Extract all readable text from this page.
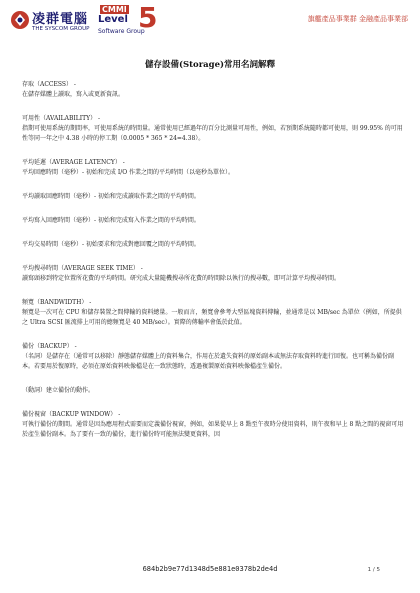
凌群電腦
THE SYSCOM GROUP
CMMI
Level 5
Software Group
旗艦產品事業群 金融產品事業部
儲存設備(Storage)常用名詞解釋

存取（ACCESS） -

在儲存媒體上讀取，寫入或更新資訊。

可用性（AVAILABILITY） -

指期可使用系統的期間率，可使用系統的時間量。通常使用已經過年的百分比測量可用性，例如，若預期系統隨時都可使用，則 99.95% 的可用性等同一年之中 4.38 小時的停工期（0.0005 * 365 * 24=4.38）。

平均延遲（AVERAGE LATENCY） -

平均回應時間（毫秒）- 初始和完成 I/O 作業之間的平均時間（以毫秒為單位）。

平均讀取回應時間（毫秒）- 初始和完成讀取作業之間的平均時間。

平均寫入回應時間（毫秒）- 初始和完成寫入作業之間的平均時間。

平均交易時間（毫秒）- 初始要求和完成對應回覆之間的平均時間。

平均搜尋時間（AVERAGE SEEK TIME） -

讀寫頭移到特定位置所花費的平均時間。研究成大量隨機搜尋所花費的時間除以執行的搜尋數，即可計算平均搜尋時間。

頻寬（BANDWIDTH） -

頻寬是一次可在 CPU 和儲存裝置之間傳輸的資料總量。一般而言，頻寬會參考大型區塊資料傳輸，並通常是以 MB/sec 為單位（例如，所提供之 Ultra SCSI 匯流排上可用的總頻寬是 40 MB/sec）。實際的傳輸率會低於此值。

備份（BACKUP） -

（名詞）是儲存在（通常可以移除）靜態儲存媒體上的資料集合，作用在於遺失資料的原始副本或無法存取資料時進行回復。也可稱為備份副本。若要用於復原時，必須在原始資料映像檔是在一致狀態時，透過複製原始資料映像檔產生備份。

（動詞）建立備份的動作。

備份視窗（BACKUP WINDOW） -

可執行備份的期間。通常是因為應用程式需要而定義備份視窗，例如，如果從早上 8 點至午夜時分使用資料，則午夜和早上 8 點之間的視窗可用於產生備份副本。為了要有一致的備份，進行備份時可能無法變更資料，因

684b2b9e77d1348d5e881e0378b2de4d	1 / 5
